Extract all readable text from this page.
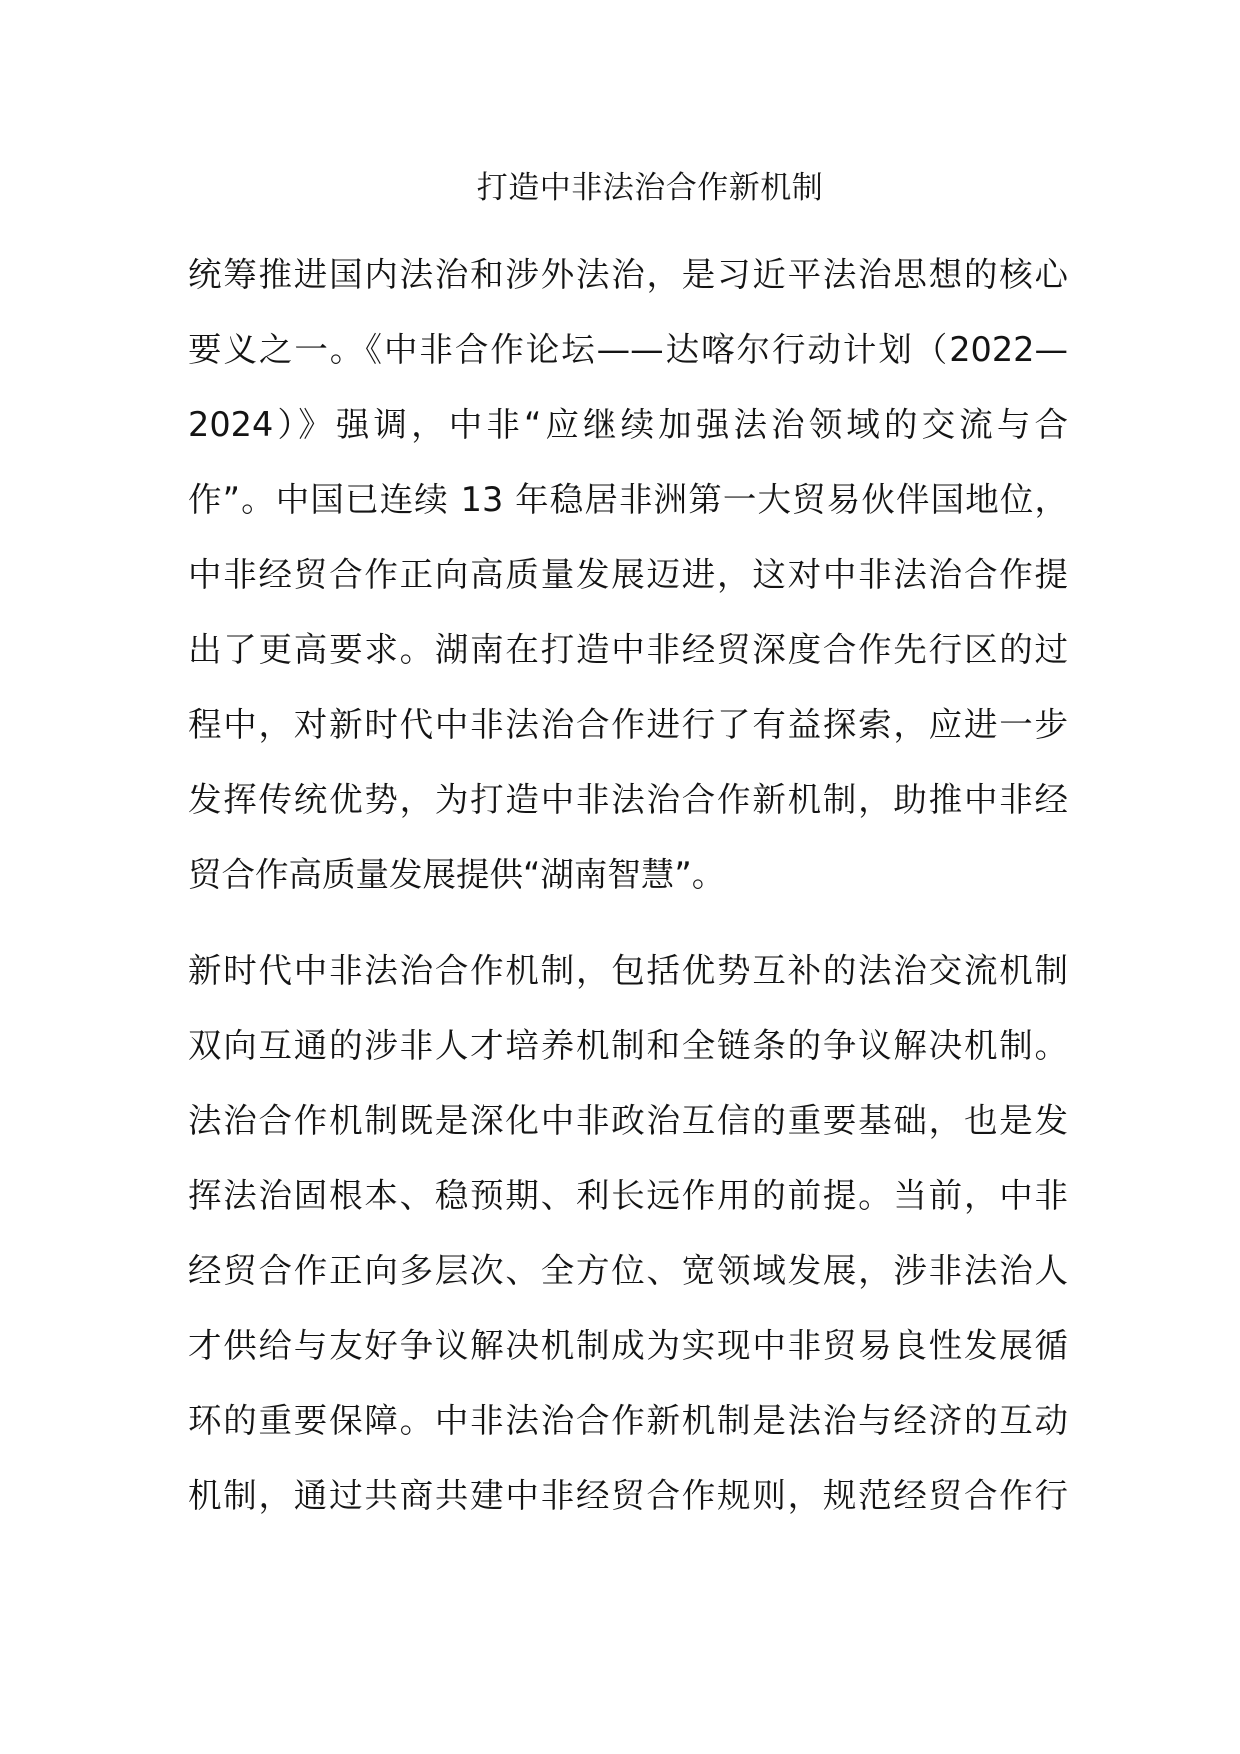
打造中非法治合作新机制

统筹推进国内法治和涉外法治，是习近平法治思想的核心
要义之一。《中非合作论坛——达喀尔行动计划（2022—
2024）》强调，中非“应继续加强法治领域的交流与合
作”。中国已连续 13 年稳居非洲第一大贸易伙伴国地位，
中非经贸合作正向高质量发展迈进，这对中非法治合作提
出了更高要求。湖南在打造中非经贸深度合作先行区的过
程中，对新时代中非法治合作进行了有益探索，应进一步
发挥传统优势，为打造中非法治合作新机制，助推中非经
贸合作高质量发展提供“湖南智慧”。

新时代中非法治合作机制，包括优势互补的法治交流机制
双向互通的涉非人才培养机制和全链条的争议解决机制。
法治合作机制既是深化中非政治互信的重要基础，也是发
挥法治固根本、稳预期、利长远作用的前提。当前，中非
经贸合作正向多层次、全方位、宽领域发展，涉非法治人
才供给与友好争议解决机制成为实现中非贸易良性发展循
环的重要保障。中非法治合作新机制是法治与经济的互动
机制，通过共商共建中非经贸合作规则，规范经贸合作行
